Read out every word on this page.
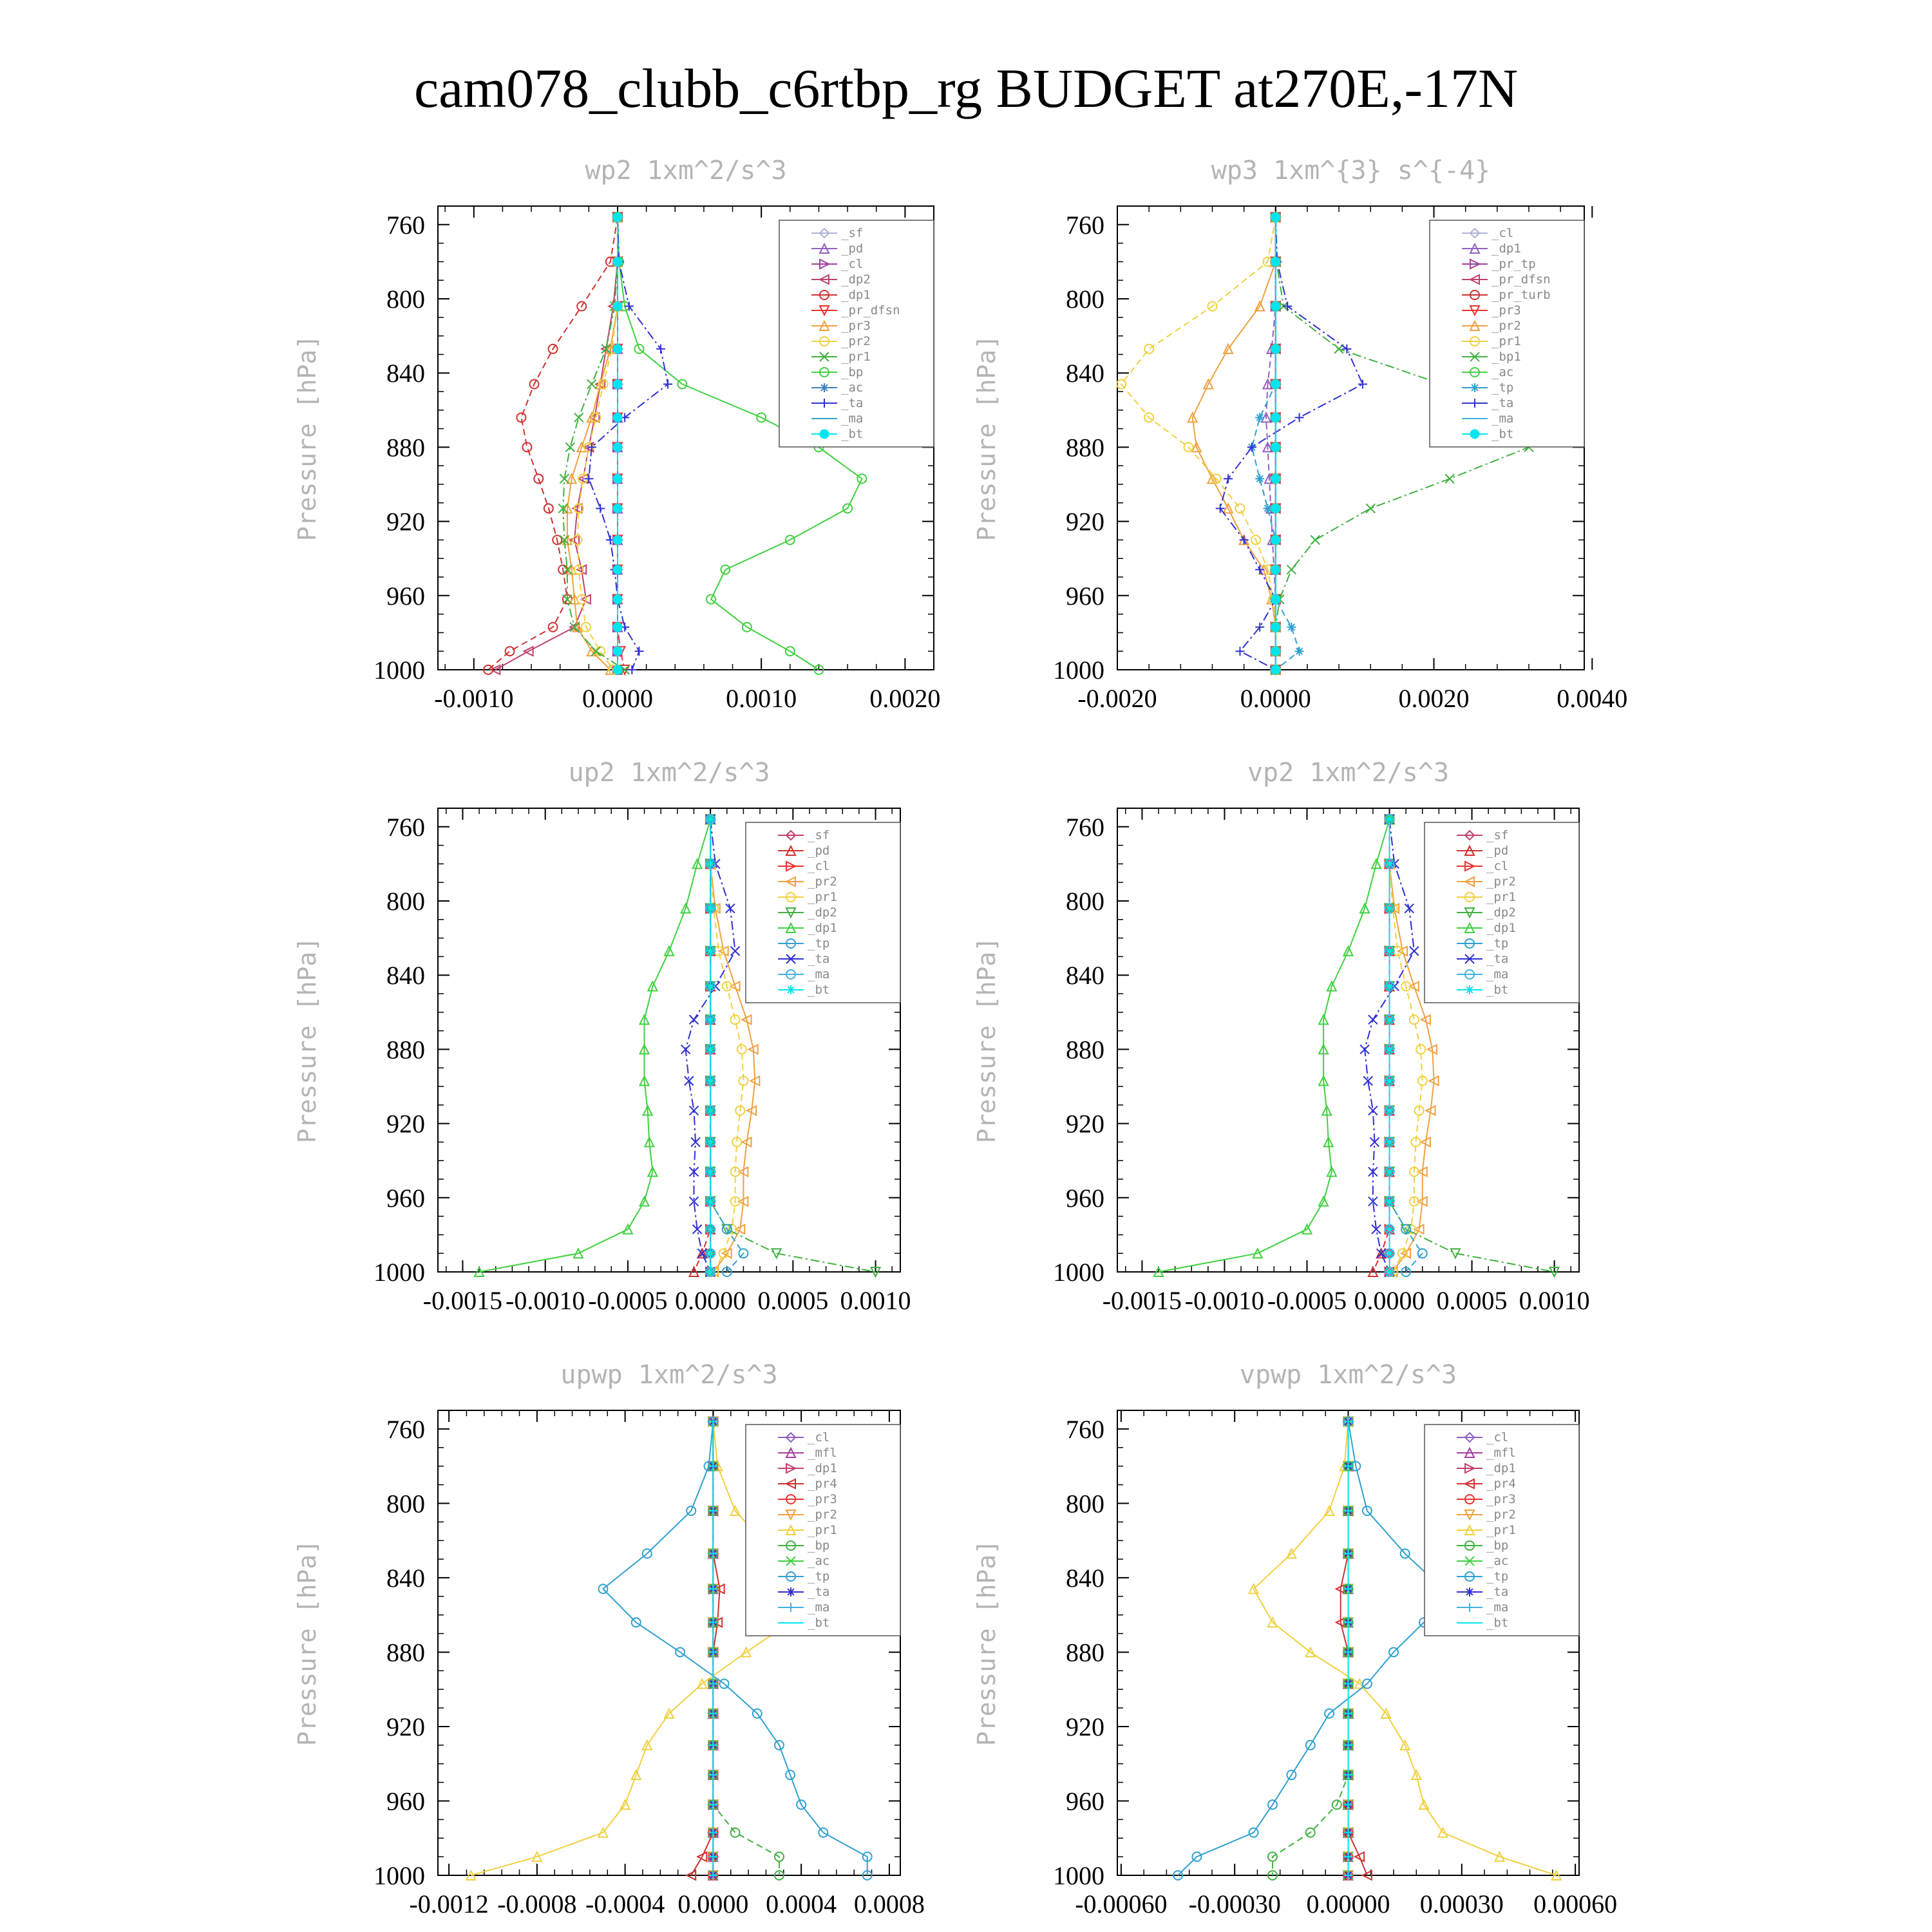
cam078_clubb_c6rtbp_rg BUDGET at270E,-17N
wp2 1xm^2/s^3
Pressure [hPa]
760
800
840
880
920
960
1000
-0.0010	0.0000	0.0010	0.0020
_sf
_pd
_cl
_dp2
_dp1
_pr_dfsn
_pr3
_pr2
_pr1
_bp
_ac
_ta
_ma
_bt
wp3 1xm^{3} s^{-4}
Pressure [hPa]
760
800
840
880
920
960
1000
-0.0020	0.0000	0.0020	0.0040
_cl
_dp1
_pr_tp
_pr_dfsn
_pr_turb
_pr3
_pr2
_pr1
_bp1
_ac
_tp
_ta
_ma
_bt
up2 1xm^2/s^3
Pressure [hPa]
760
800
840
880
920
960
1000
-0.0015 -0.0010 -0.0005 0.0000 0.0005 0.0010
_sf
_pd
_cl
_pr2
_pr1
_dp2
_dp1
_tp
_ta
_ma
_bt
vp2 1xm^2/s^3
Pressure [hPa]
760
800
840
880
920
960
1000
-0.0015 -0.0010 -0.0005 0.0000 0.0005 0.0010
_sf
_pd
_cl
_pr2
_pr1
_dp2
_dp1
_tp
_ta
_ma
_bt
upwp 1xm^2/s^3
Pressure [hPa]
760
800
840
880
920
960
1000
-0.0012 -0.0008 -0.0004 0.0000 0.0004 0.0008
_cl
_mfl
_dp1
_pr4
_pr3
_pr2
_pr1
_bp
_ac
_tp
_ta
_ma
_bt
vpwp 1xm^2/s^3
Pressure [hPa]
760
800
840
880
920
960
1000
-0.00060 -0.00030 0.00000 0.00030 0.00060
_cl
_mfl
_dp1
_pr4
_pr3
_pr2
_pr1
_bp
_ac
_tp
_ta
_ma
_bt
